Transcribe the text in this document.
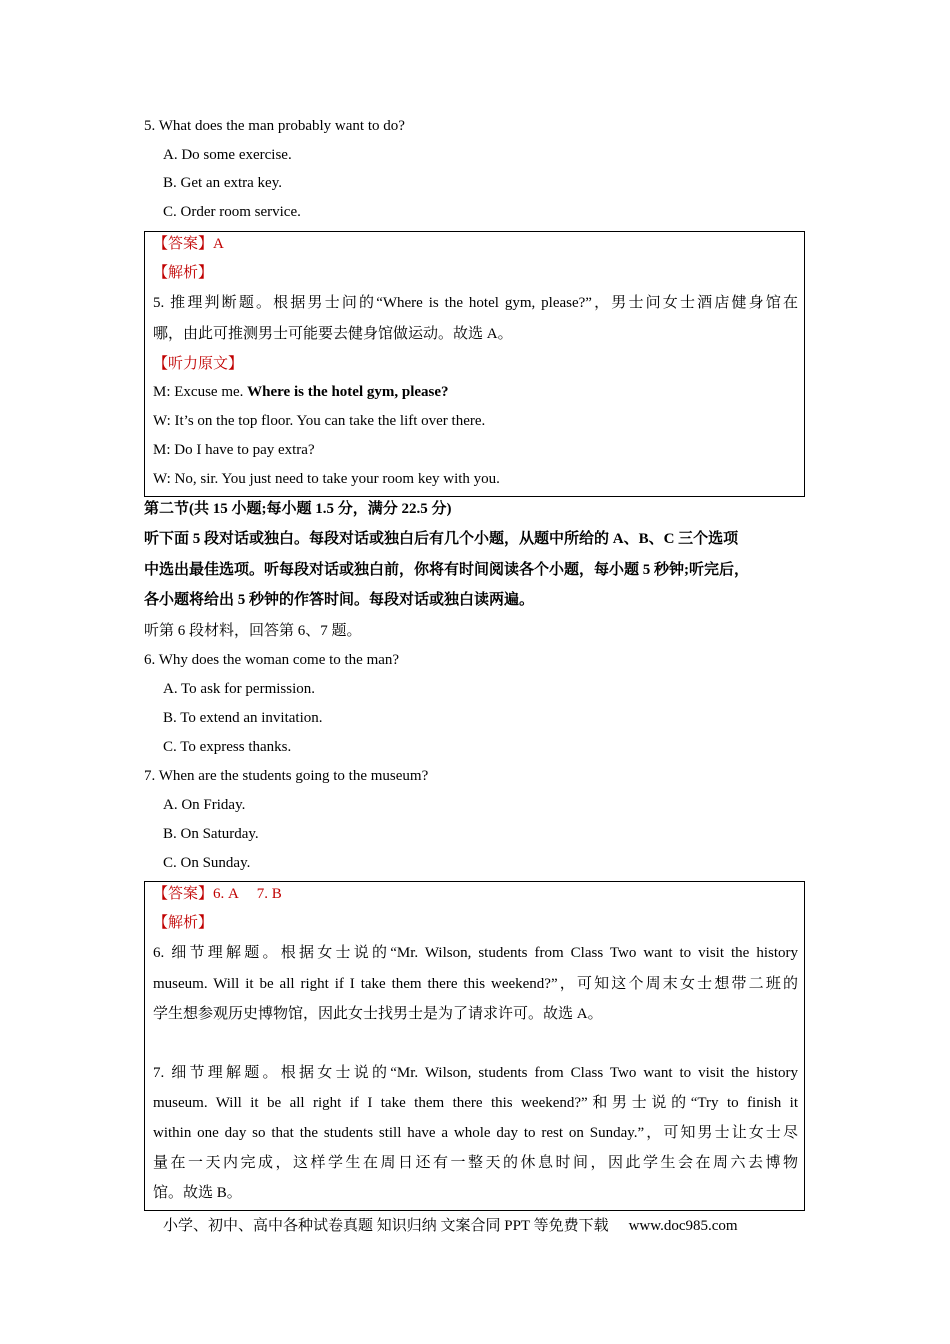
5. What does the man probably want to do?
A. Do some exercise.
B. Get an extra key.
C. Order room service.
【答案】A
【解析】
5. 推理判断题。根据男士问的“Where is the hotel gym, please?”，男士问女士酒店健身馆在
哪，由此可推测男士可能要去健身馆做运动。故选 A。
【听力原文】
M: Excuse me. Where is the hotel gym, please?
W: It’s on the top floor. You can take the lift over there.
M: Do I have to pay extra?
W: No, sir. You just need to take your room key with you.
第二节(共 15 小题;每小题 1.5 分，满分 22.5 分)
听下面 5 段对话或独白。每段对话或独白后有几个小题，从题中所给的 A、B、C 三个选项
中选出最佳选项。听每段对话或独白前，你将有时间阅读各个小题，每小题 5 秒钟;听完后，
各小题将给出 5 秒钟的作答时间。每段对话或独白读两遍。
听第 6 段材料，回答第 6、7 题。
6. Why does the woman come to the man?
A. To ask for permission.
B. To extend an invitation.
C. To express thanks.
7. When are the students going to the museum?
A. On Friday.
B. On Saturday.
C. On Sunday.
【答案】6. A     7. B
【解析】
6. 细节理解题。根据女士说的“Mr. Wilson, students from Class Two want to visit the history
museum. Will it be all right if I take them there this weekend?”，可知这个周末女士想带二班的
学生想参观历史博物馆，因此女士找男士是为了请求许可。故选 A。
7. 细节理解题。根据女士说的“Mr. Wilson, students from Class Two want to visit the history
museum. Will it be all right if I take them there this weekend?”和男士说的“Try to finish it
within one day so that the students still have a whole day to rest on Sunday.”，可知男士让女士尽
量在一天内完成，这样学生在周日还有一整天的休息时间，因此学生会在周六去博物
馆。故选 B。
小学、初中、高中各种试卷真题 知识归纳 文案合同 PPT 等免费下载 www.doc985.com
